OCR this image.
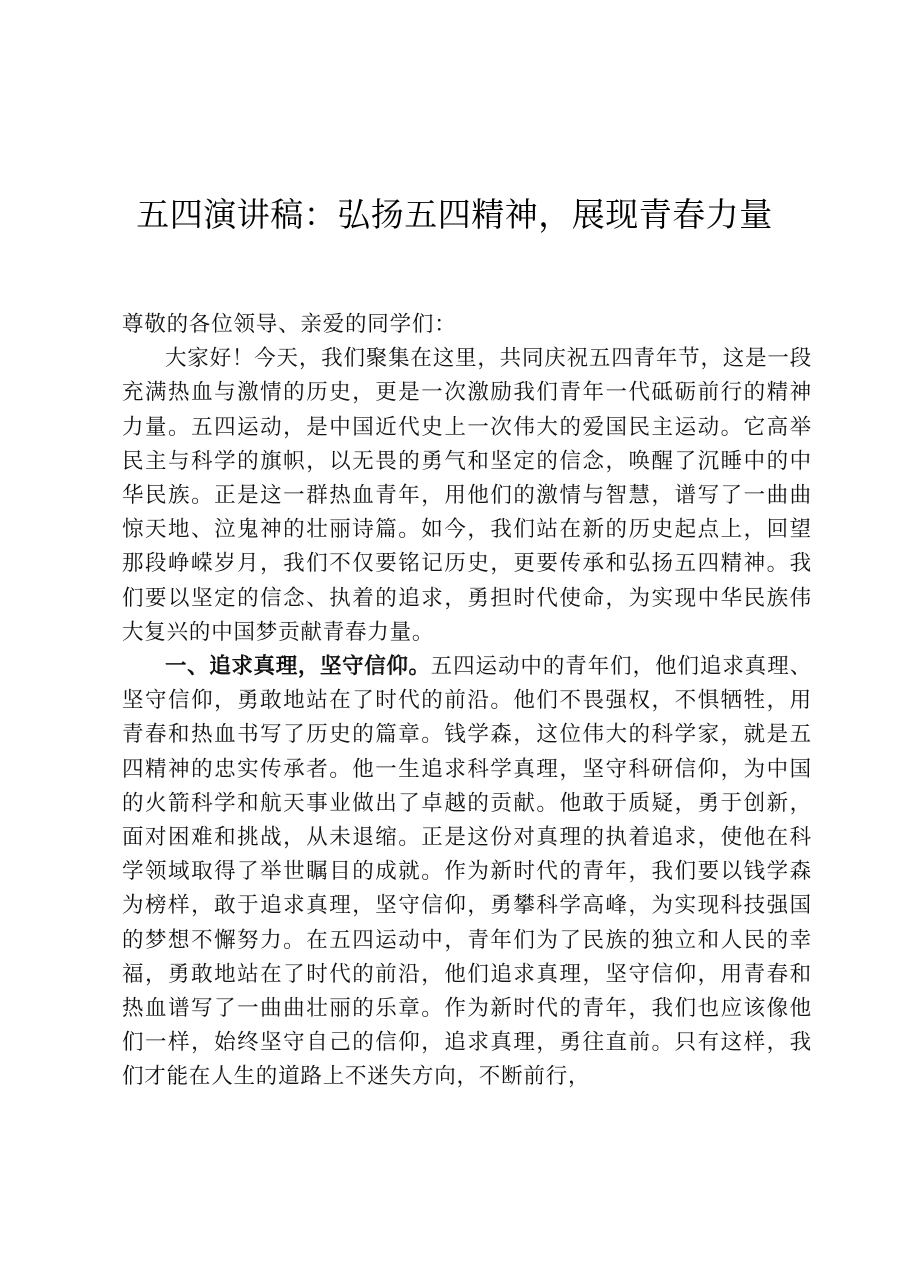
五四演讲稿：弘扬五四精神，展现青春力量

尊敬的各位领导、亲爱的同学们：

大家好！今天，我们聚集在这里，共同庆祝五四青年节，这是一段充满热血与激情的历史，更是一次激励我们青年一代砥砺前行的精神力量。五四运动，是中国近代史上一次伟大的爱国民主运动。它高举民主与科学的旗帜，以无畏的勇气和坚定的信念，唤醒了沉睡中的中华民族。正是这一群热血青年，用他们的激情与智慧，谱写了一曲曲惊天地、泣鬼神的壮丽诗篇。如今，我们站在新的历史起点上，回望那段峥嵘岁月，我们不仅要铭记历史，更要传承和弘扬五四精神。我们要以坚定的信念、执着的追求，勇担时代使命，为实现中华民族伟大复兴的中国梦贡献青春力量。

一、追求真理，坚守信仰。五四运动中的青年们，他们追求真理、坚守信仰，勇敢地站在了时代的前沿。他们不畏强权，不惧牺牲，用青春和热血书写了历史的篇章。钱学森，这位伟大的科学家，就是五四精神的忠实传承者。他一生追求科学真理，坚守科研信仰，为中国的火箭科学和航天事业做出了卓越的贡献。他敢于质疑，勇于创新，面对困难和挑战，从未退缩。正是这份对真理的执着追求，使他在科学领域取得了举世瞩目的成就。作为新时代的青年，我们要以钱学森为榜样，敢于追求真理，坚守信仰，勇攀科学高峰，为实现科技强国的梦想不懈努力。在五四运动中，青年们为了民族的独立和人民的幸福，勇敢地站在了时代的前沿，他们追求真理，坚守信仰，用青春和热血谱写了一曲曲壮丽的乐章。作为新时代的青年，我们也应该像他们一样，始终坚守自己的信仰，追求真理，勇往直前。只有这样，我们才能在人生的道路上不迷失方向，不断前行，
